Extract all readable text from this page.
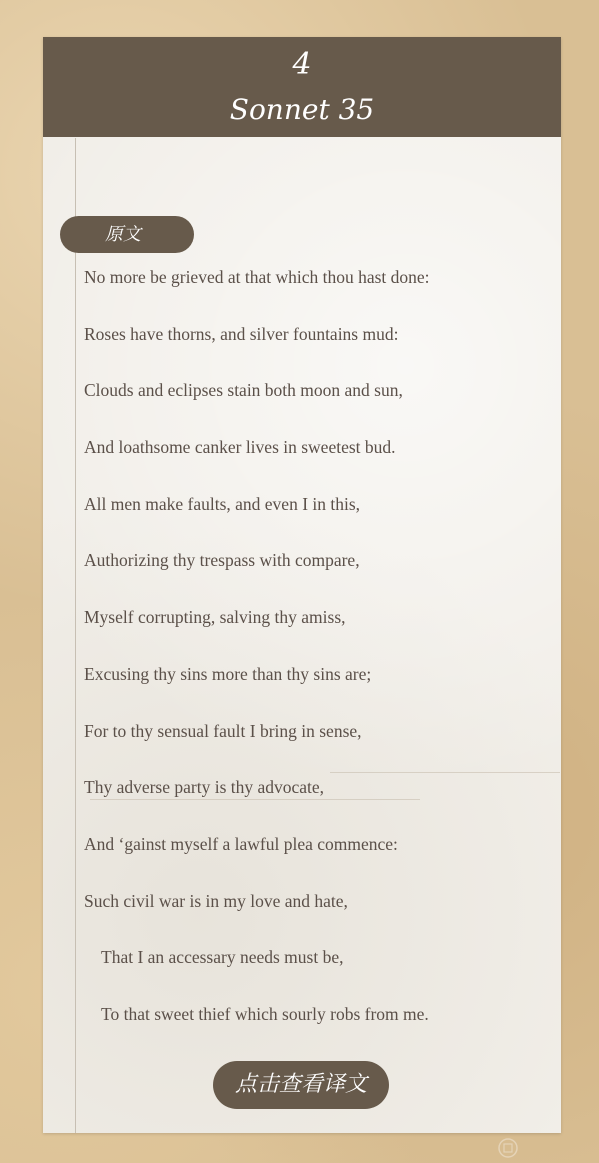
4
Sonnet 35
原文
No more be grieved at that which thou hast done:
Roses have thorns, and silver fountains mud:
Clouds and eclipses stain both moon and sun,
And loathsome canker lives in sweetest bud.
All men make faults, and even I in this,
Authorizing thy trespass with compare,
Myself corrupting, salving thy amiss,
Excusing thy sins more than thy sins are;
For to thy sensual fault I bring in sense,
Thy adverse party is thy advocate,
And ‘gainst myself a lawful plea commence:
Such civil war is in my love and hate,
That I an accessary needs must be,
To that sweet thief which sourly robs from me.
点击查看译文
